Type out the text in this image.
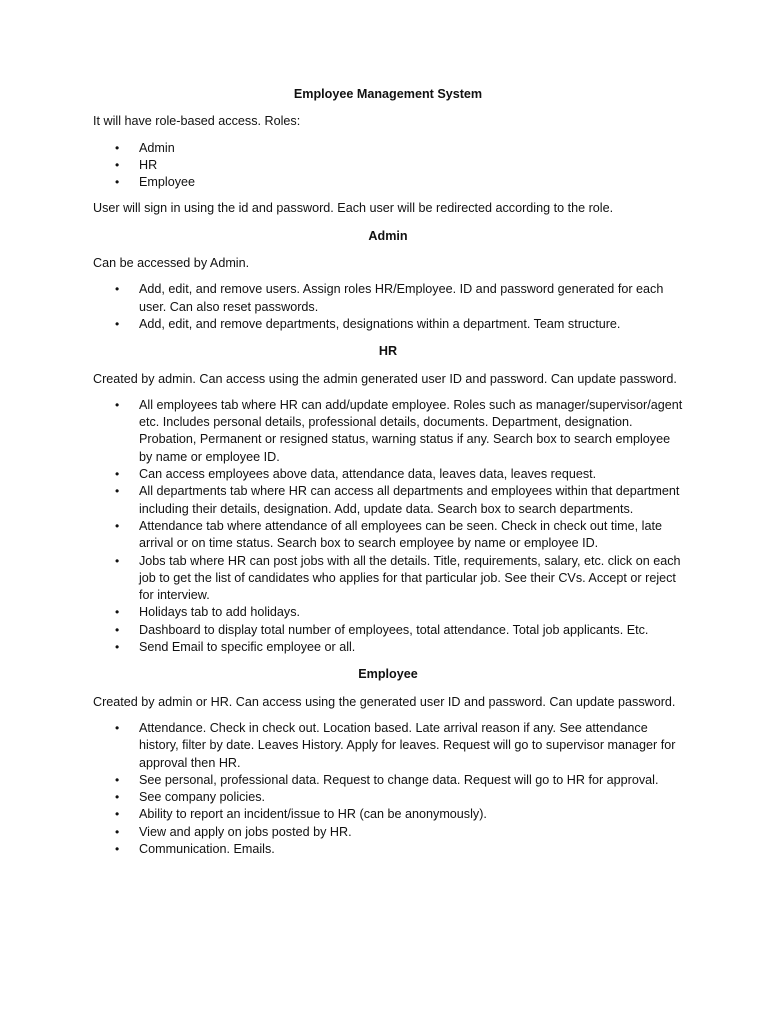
Employee Management System

It will have role-based access. Roles:

• Admin
• HR
• Employee

User will sign in using the id and password. Each user will be redirected according to the role.

Admin

Can be accessed by Admin.

• Add, edit, and remove users. Assign roles HR/Employee. ID and password generated for each user. Can also reset passwords.
• Add, edit, and remove departments, designations within a department. Team structure.

HR

Created by admin. Can access using the admin generated user ID and password. Can update password.

• All employees tab where HR can add/update employee. Roles such as manager/supervisor/agent etc. Includes personal details, professional details, documents. Department, designation. Probation, Permanent or resigned status, warning status if any. Search box to search employee by name or employee ID.
• Can access employees above data, attendance data, leaves data, leaves request.
• All departments tab where HR can access all departments and employees within that department including their details, designation. Add, update data. Search box to search departments.
• Attendance tab where attendance of all employees can be seen. Check in check out time, late arrival or on time status. Search box to search employee by name or employee ID.
• Jobs tab where HR can post jobs with all the details. Title, requirements, salary, etc. click on each job to get the list of candidates who applies for that particular job. See their CVs. Accept or reject for interview.
• Holidays tab to add holidays.
• Dashboard to display total number of employees, total attendance. Total job applicants. Etc.
• Send Email to specific employee or all.

Employee

Created by admin or HR. Can access using the generated user ID and password. Can update password.

• Attendance. Check in check out. Location based. Late arrival reason if any. See attendance history, filter by date. Leaves History. Apply for leaves. Request will go to supervisor manager for approval then HR.
• See personal, professional data. Request to change data. Request will go to HR for approval.
• See company policies.
• Ability to report an incident/issue to HR (can be anonymously).
• View and apply on jobs posted by HR.
• Communication. Emails.
